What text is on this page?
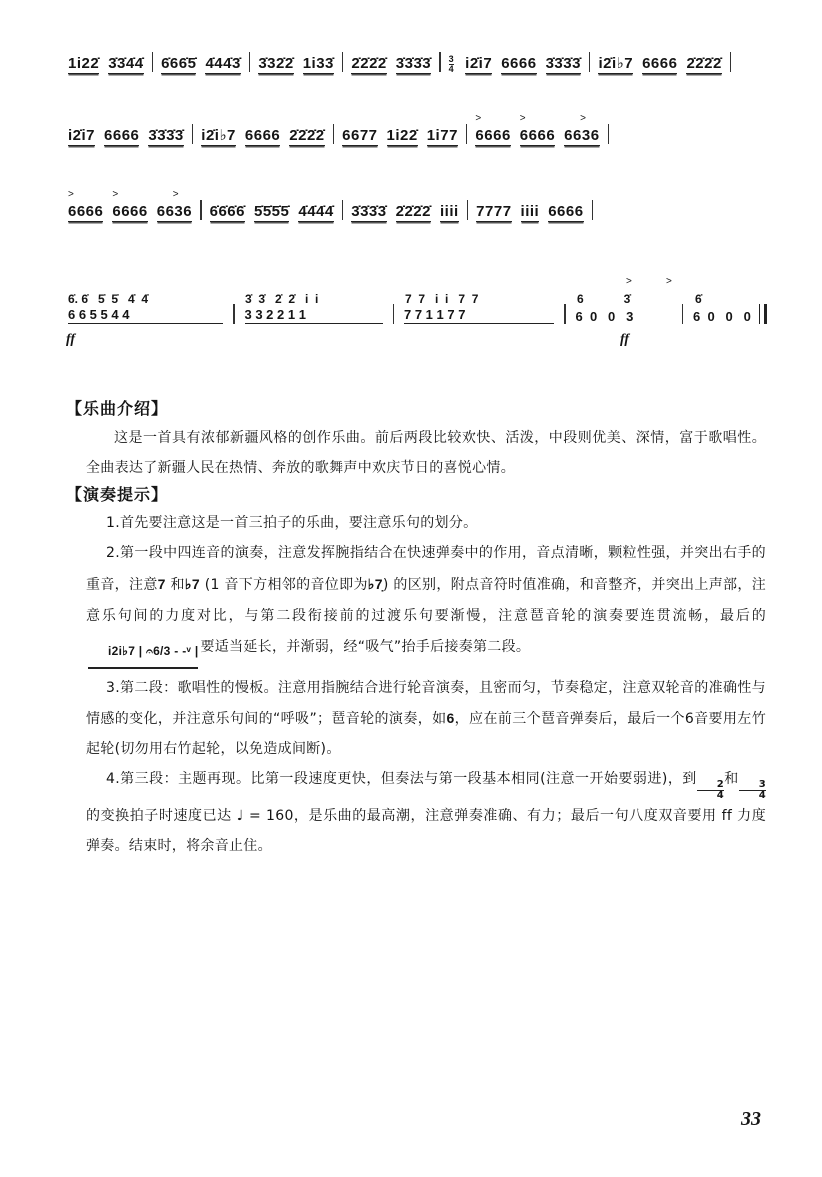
1i22̇ 3̇3̇4̇4̇ 6̇66̇5̇ 4̇44̇3̇ 3̇32̇2̇ 1i33̇ 2̇2̇2̇2̇ 3̇3̇3̇3̇ 3
4 i2̇i7 6666 3̇3̇3̇3̇ i2̇i♭7 6666 2̇2̇2̇2̇
i2̇i7 6666 3̇3̇3̇3̇ i2̇i♭7 6666 2̇2̇2̇2̇ 6677 1i22̇ 1i77
>
6666
>
6666
>
6636
>
6666
>
6666
>
6636 6̇6̇6̇6̇ 5̇5̇5̇5̇ 4̇4̇4̇4̇ 3̇3̇3̇3̇ 2̇2̇2̇2̇ iiii 7777 iiii 6666
>	>
6̇. 6̇   5̇  5̇   4̇  4̇	3̇  3̇   2̇  2̇   i  i	7  7   i  i   7  7	6            3̇	6̇
6 6 5 5 4 4	3 3 2 2 1 1	7 7 1 1 7 7	6  0   0   3	6  0   0   0
ff	ff
【乐曲介绍】

这是一首具有浓郁新疆风格的创作乐曲。前后两段比较欢快、活泼，中段则优美、深情，富于歌唱性。全曲表达了新疆人民在热情、奔放的歌舞声中欢庆节日的喜悦心情。

【演奏提示】

1.首先要注意这是一首三拍子的乐曲，要注意乐句的划分。

2.第一段中四连音的演奏，注意发挥腕指结合在快速弹奏中的作用，音点清晰，颗粒性强，并突出右手的重音，注意7 和♭7 (1 音下方相邻的音位即为♭7̣) 的区别，附点音符时值准确，和音整齐，并突出上声部，注意乐句间的力度对比，与第二段衔接前的过渡乐句要渐慢，注意琶音轮的演奏要连贯流畅，最后的i2i♭7 | 𝄐6/3 - -ᵛ | 要适当延长，并渐弱，经“吸气”抬手后接奏第二段。

3.第二段：歌唱性的慢板。注意用指腕结合进行轮音演奏，且密而匀，节奏稳定，注意双轮音的准确性与情感的变化，并注意乐句间的“呼吸”；琶音轮的演奏，如6，应在前三个琶音弹奏后，最后一个6音要用左竹起轮(切勿用右竹起轮，以免造成间断)。

4.第三段：主题再现。比第一段速度更快，但奏法与第一段基本相同(注意一开始要弱进)，到
$\frac{2}{4}$
和
$\frac{3}{4}$
的变换拍子时速度已达 ♩ = 160，是乐曲的最高潮，注意弹奏准确、有力；最后一句八度双音要用 ff 力度弹奏。结束时，将余音止住。

33
